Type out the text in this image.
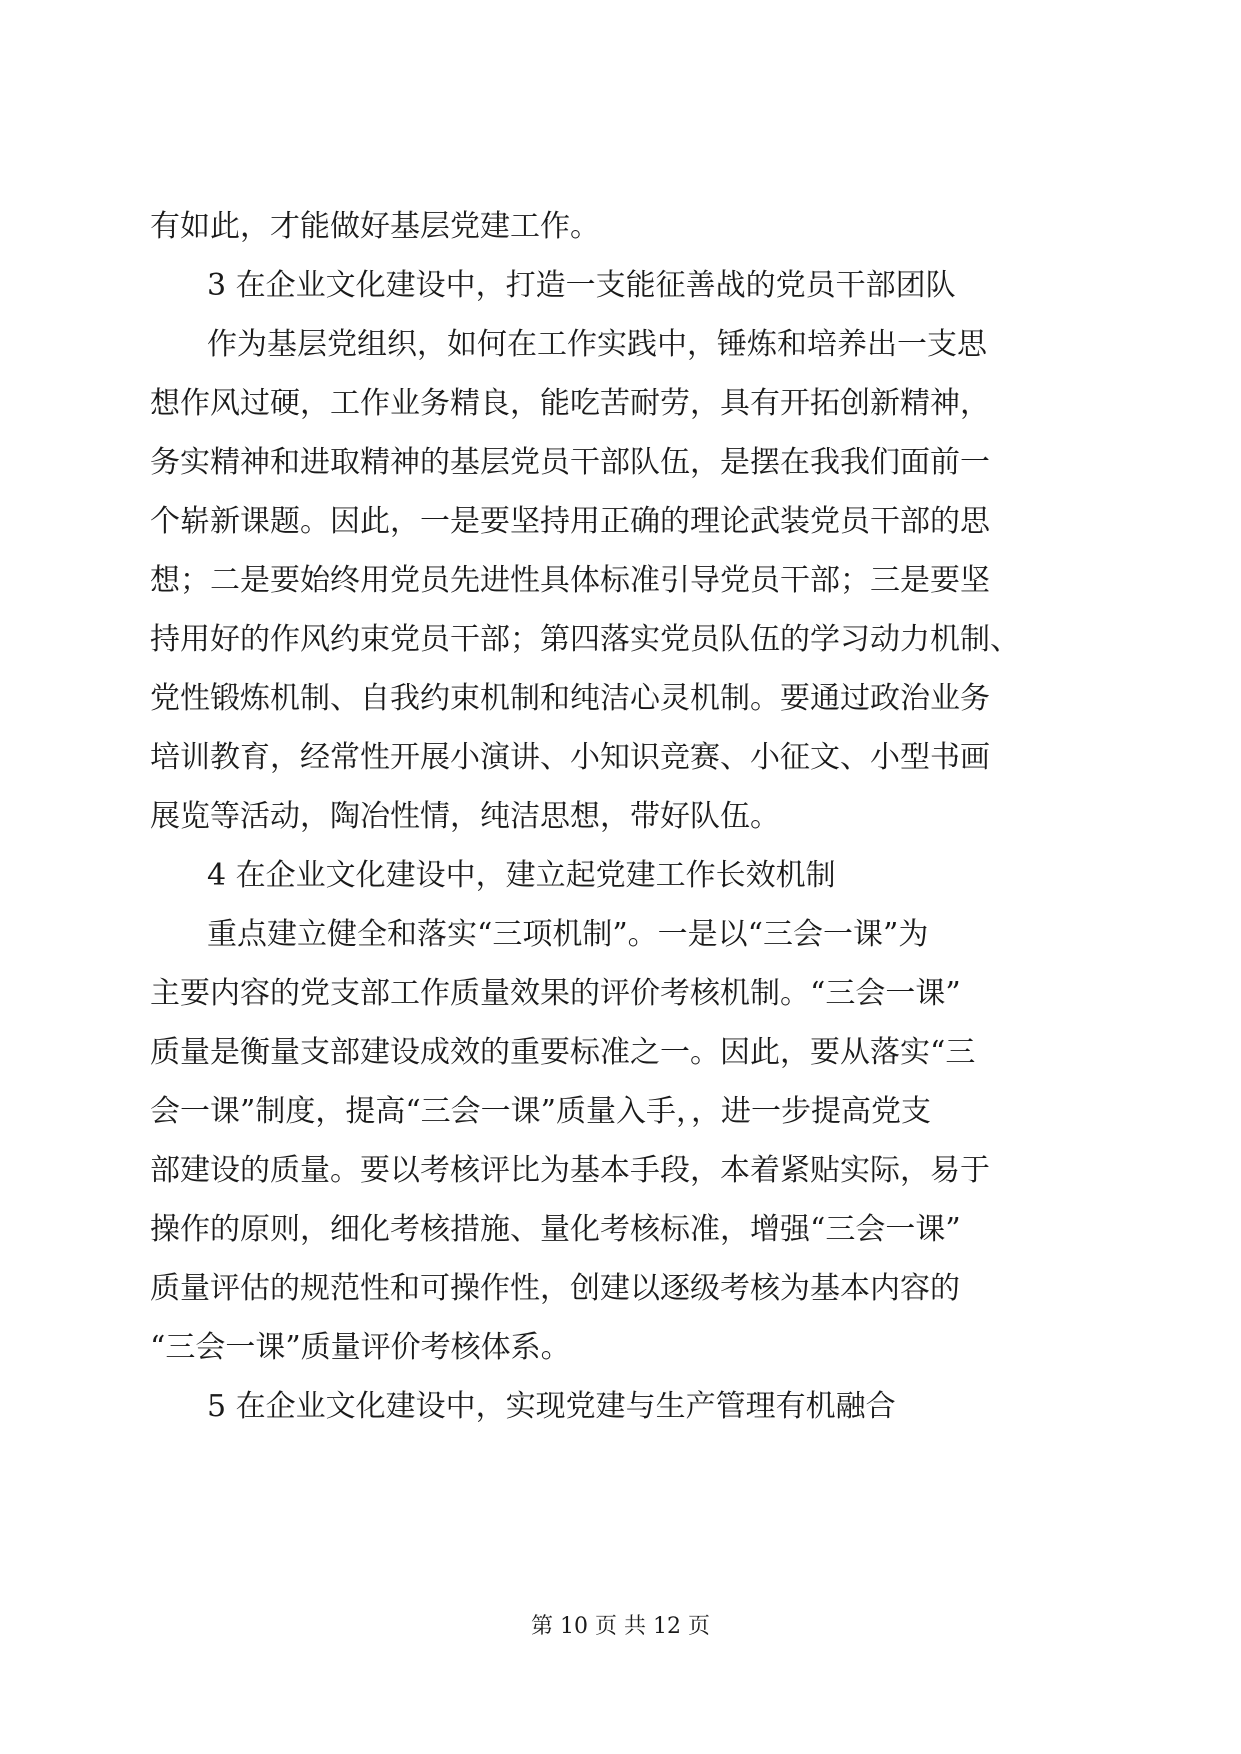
有如此，才能做好基层党建工作。
3 在企业文化建设中，打造一支能征善战的党员干部团队
作为基层党组织，如何在工作实践中，锤炼和培养出一支思
想作风过硬，工作业务精良，能吃苦耐劳，具有开拓创新精神，
务实精神和进取精神的基层党员干部队伍，是摆在我我们面前一
个崭新课题。因此，一是要坚持用正确的理论武装党员干部的思
想；二是要始终用党员先进性具体标准引导党员干部；三是要坚
持用好的作风约束党员干部；第四落实党员队伍的学习动力机制、
党性锻炼机制、自我约束机制和纯洁心灵机制。要通过政治业务
培训教育，经常性开展小演讲、小知识竞赛、小征文、小型书画
展览等活动，陶冶性情，纯洁思想，带好队伍。
4 在企业文化建设中，建立起党建工作长效机制
重点建立健全和落实“三项机制”。一是以“三会一课”为
主要内容的党支部工作质量效果的评价考核机制。“三会一课”
质量是衡量支部建设成效的重要标准之一。因此，要从落实“三
会一课”制度，提高“三会一课”质量入手，，进一步提高党支
部建设的质量。要以考核评比为基本手段，本着紧贴实际，易于
操作的原则，细化考核措施、量化考核标准，增强“三会一课”
质量评估的规范性和可操作性，创建以逐级考核为基本内容的
“三会一课”质量评价考核体系。
5 在企业文化建设中，实现党建与生产管理有机融合
第 10 页 共 12 页
